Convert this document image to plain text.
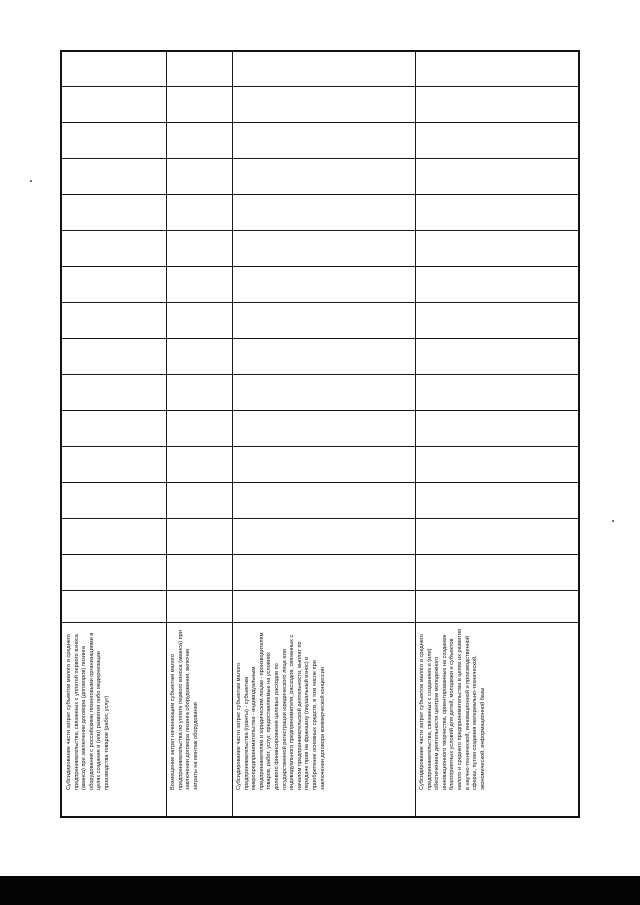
Субсидирование части затрат субъектов малого и среднего предпринимательства, связанных с уплатой первого взноса (аванса) при заключении договора (договоров) лизинга оборудования с российскими лизинговыми организациями в целях создания и (или) развития либо модернизации производства товаров (работ, услуг)	Возмещение затрат начинающим субъектам малого предпринимательства по уплате первого взноса (аванса) при заключении договора лизинга оборудования, включая затраты на монтаж оборудования	Субсидирование части затрат субъектам малого предпринимательства (гранты) - субъектам микропредпринимательства - индивидуальным предпринимателям и юридическим лицам - производителям товаров, работ, услуг, предоставляемые на условиях долевого финансирования целевых расходов по государственной регистрации юридического лица или индивидуального предпринимателя, расходов, связанных с началом предпринимательской деятельности, выплат по передаче прав на франшизу (паушальный взнос) и приобретение основных средств, в том числе при заключении договора коммерческой концессии	Субсидирование части затрат субъектов малого и среднего предпринимательства, связанных с созданием и (или) обеспечением деятельности центров молодежного инновационного творчества, ориентированных на создание благоприятных условий для детей, молодежи и субъектов малого и среднего предпринимательства в целях их развития в научно-технической, инновационной и производственной сферах, путем создания материально-технической, экономической, информационной базы
